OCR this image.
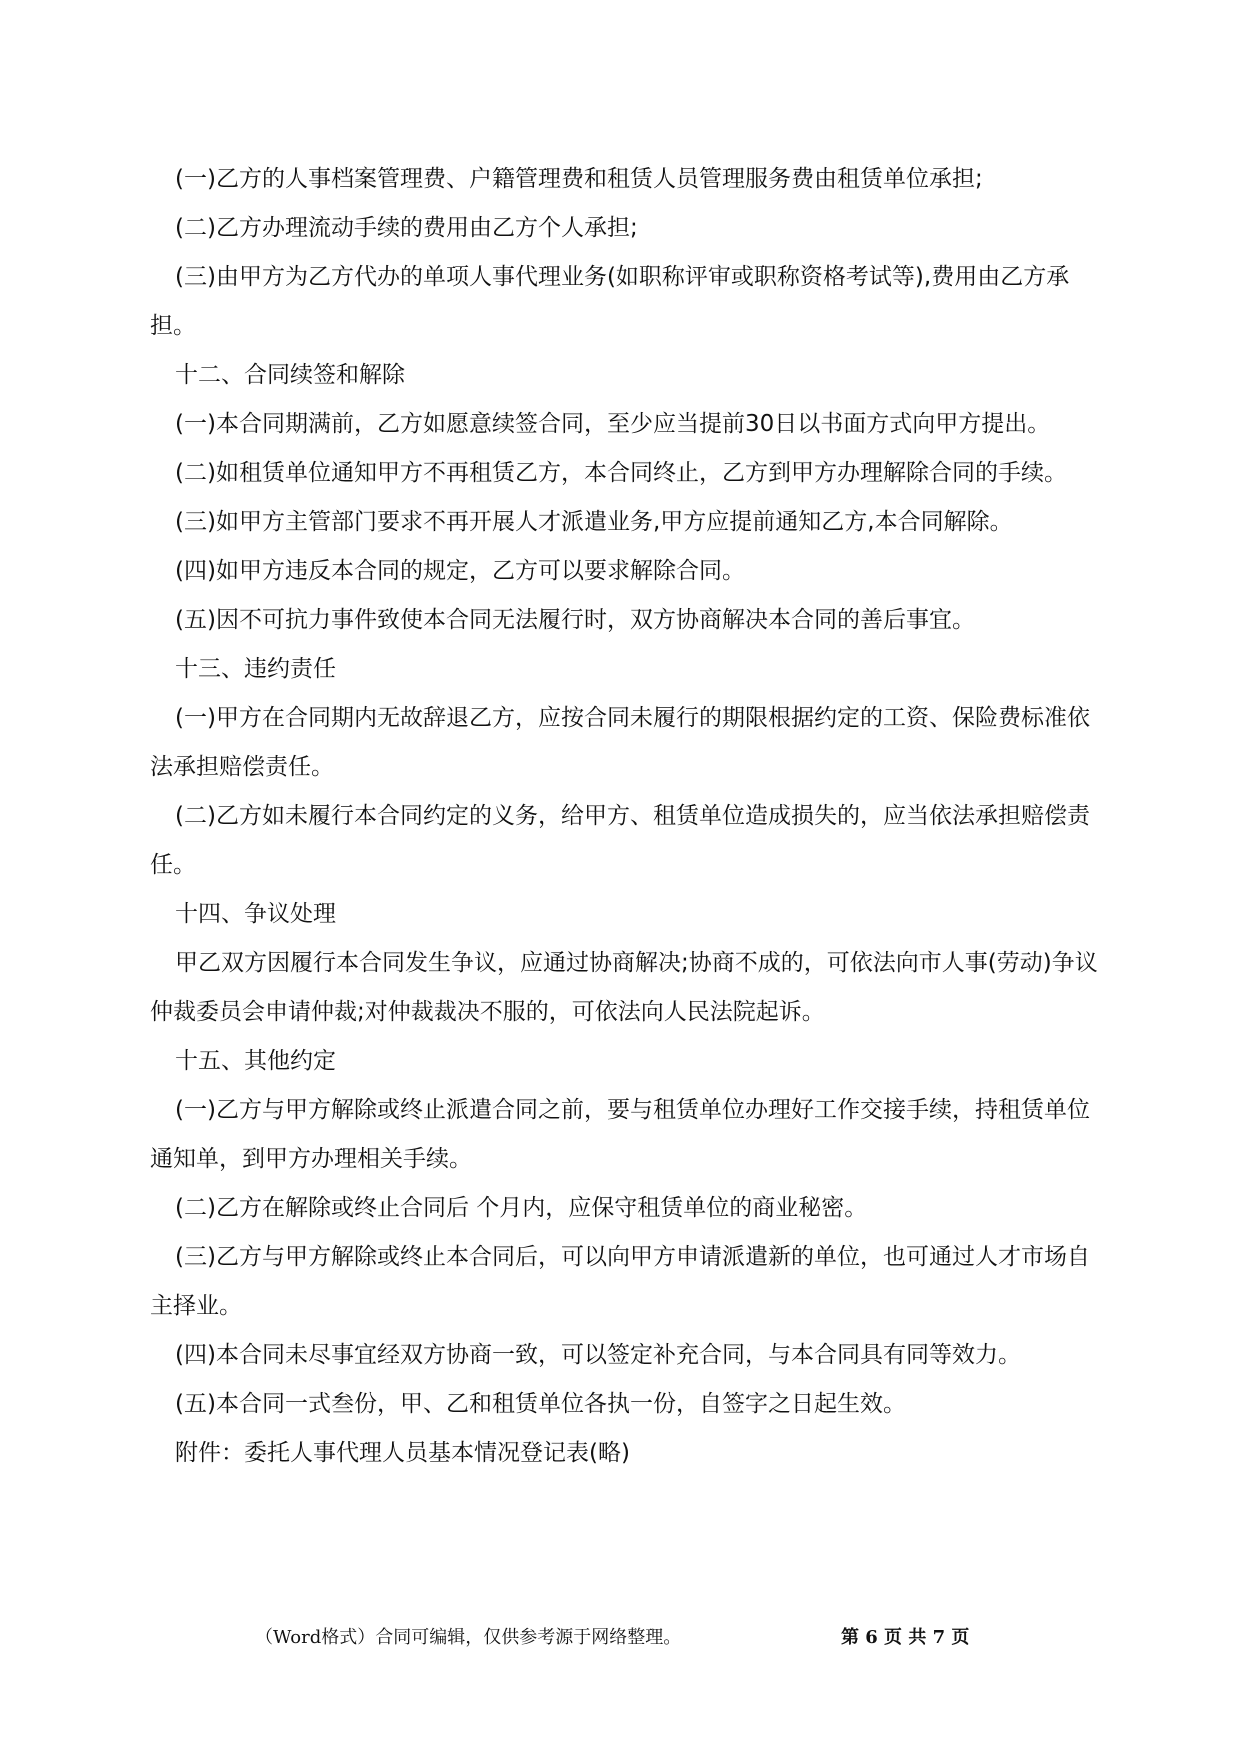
(一)乙方的人事档案管理费、户籍管理费和租赁人员管理服务费由租赁单位承担;

(二)乙方办理流动手续的费用由乙方个人承担;

(三)由甲方为乙方代办的单项人事代理业务(如职称评审或职称资格考试等),费用由乙方承担。

十二、合同续签和解除

(一)本合同期满前，乙方如愿意续签合同，至少应当提前30日以书面方式向甲方提出。

(二)如租赁单位通知甲方不再租赁乙方，本合同终止，乙方到甲方办理解除合同的手续。

(三)如甲方主管部门要求不再开展人才派遣业务,甲方应提前通知乙方,本合同解除。

(四)如甲方违反本合同的规定，乙方可以要求解除合同。

(五)因不可抗力事件致使本合同无法履行时，双方协商解决本合同的善后事宜。

十三、违约责任

(一)甲方在合同期内无故辞退乙方，应按合同未履行的期限根据约定的工资、保险费标准依法承担赔偿责任。

(二)乙方如未履行本合同约定的义务，给甲方、租赁单位造成损失的，应当依法承担赔偿责任。

十四、争议处理

甲乙双方因履行本合同发生争议，应通过协商解决;协商不成的，可依法向市人事(劳动)争议仲裁委员会申请仲裁;对仲裁裁决不服的，可依法向人民法院起诉。

十五、其他约定

(一)乙方与甲方解除或终止派遣合同之前，要与租赁单位办理好工作交接手续，持租赁单位通知单，到甲方办理相关手续。

(二)乙方在解除或终止合同后 个月内，应保守租赁单位的商业秘密。

(三)乙方与甲方解除或终止本合同后，可以向甲方申请派遣新的单位，也可通过人才市场自主择业。

(四)本合同未尽事宜经双方协商一致，可以签定补充合同，与本合同具有同等效力。

(五)本合同一式叁份，甲、乙和租赁单位各执一份，自签字之日起生效。

附件：委托人事代理人员基本情况登记表(略)

（Word格式）合同可编辑，仅供参考源于网络整理。	第 6 页 共 7 页
